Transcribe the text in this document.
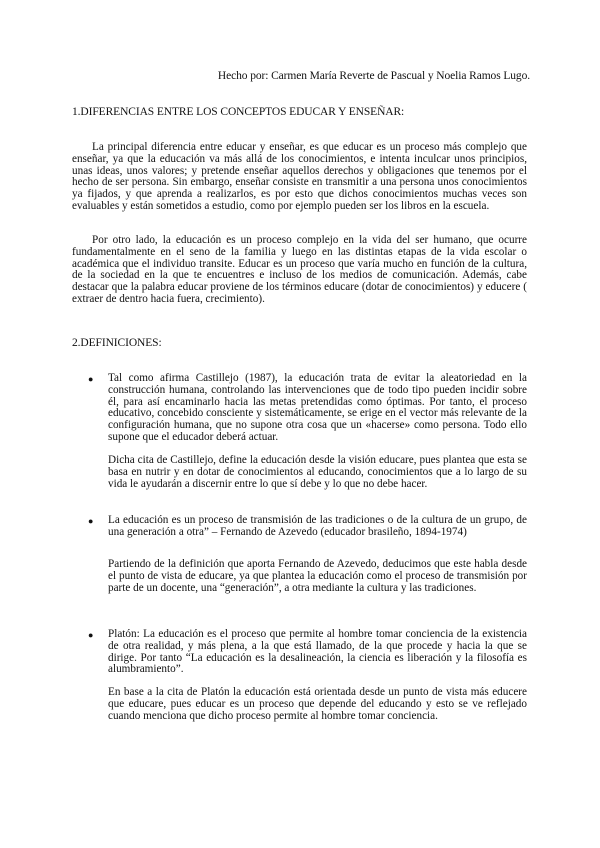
Hecho por: Carmen María Reverte de Pascual y Noelia Ramos Lugo.
1.DIFERENCIAS ENTRE LOS CONCEPTOS EDUCAR Y ENSEÑAR:

La principal diferencia entre educar y enseñar, es que educar es un proceso más complejo que enseñar, ya que la educación va más allá de los conocimientos, e intenta inculcar unos principios, unas ideas, unos valores; y pretende enseñar aquellos derechos y obligaciones que tenemos por el hecho de ser persona. Sin embargo, enseñar consiste en transmitir a una persona unos conocimientos ya fijados, y que aprenda a realizarlos, es por esto que dichos conocimientos muchas veces son evaluables y están sometidos a estudio, como por ejemplo pueden ser los libros en la escuela.

Por otro lado, la educación es un proceso complejo en la vida del ser humano, que ocurre fundamentalmente en el seno de la familia y luego en las distintas etapas de la vida escolar o académica que el individuo transite. Educar es un proceso que varía mucho en función de la cultura, de la sociedad en la que te encuentres e incluso de los medios de comunicación. Además, cabe destacar que la palabra educar proviene de los términos educare (dotar de conocimientos) y educere ( extraer de dentro hacia fuera, crecimiento).

2.DEFINICIONES:
● Tal como afirma Castillejo (1987), la educación trata de evitar la aleatoriedad en la construcción humana, controlando las intervenciones que de todo tipo pueden incidir sobre él, para así encaminarlo hacia las metas pretendidas como óptimas. Por tanto, el proceso educativo, concebido consciente y sistemáticamente, se erige en el vector más relevante de la configuración humana, que no supone otra cosa que un «hacerse» como persona. Todo ello supone que el educador deberá actuar.

Dicha cita de Castillejo, define la educación desde la visión educare, pues plantea que esta se basa en nutrir y en dotar de conocimientos al educando, conocimientos que a lo largo de su vida le ayudarán a discernir entre lo que sí debe y lo que no debe hacer.

● La educación es un proceso de transmisión de las tradiciones o de la cultura de un grupo, de una generación a otra” – Fernando de Azevedo (educador brasileño, 1894-1974)

Partiendo de la definición que aporta Fernando de Azevedo, deducimos que este habla desde el punto de vista de educare, ya que plantea la educación como el proceso de transmisión por parte de un docente, una “generación”, a otra mediante la cultura y las tradiciones.

● Platón: La educación es el proceso que permite al hombre tomar conciencia de la existencia de otra realidad, y más plena, a la que está llamado, de la que procede y hacia la que se dirige. Por tanto “La educación es la desalineación, la ciencia es liberación y la filosofía es alumbramiento”.

En base a la cita de Platón la educación está orientada desde un punto de vista más educere que educare, pues educar es un proceso que depende del educando y esto se ve reflejado cuando menciona que dicho proceso permite al hombre tomar conciencia.
